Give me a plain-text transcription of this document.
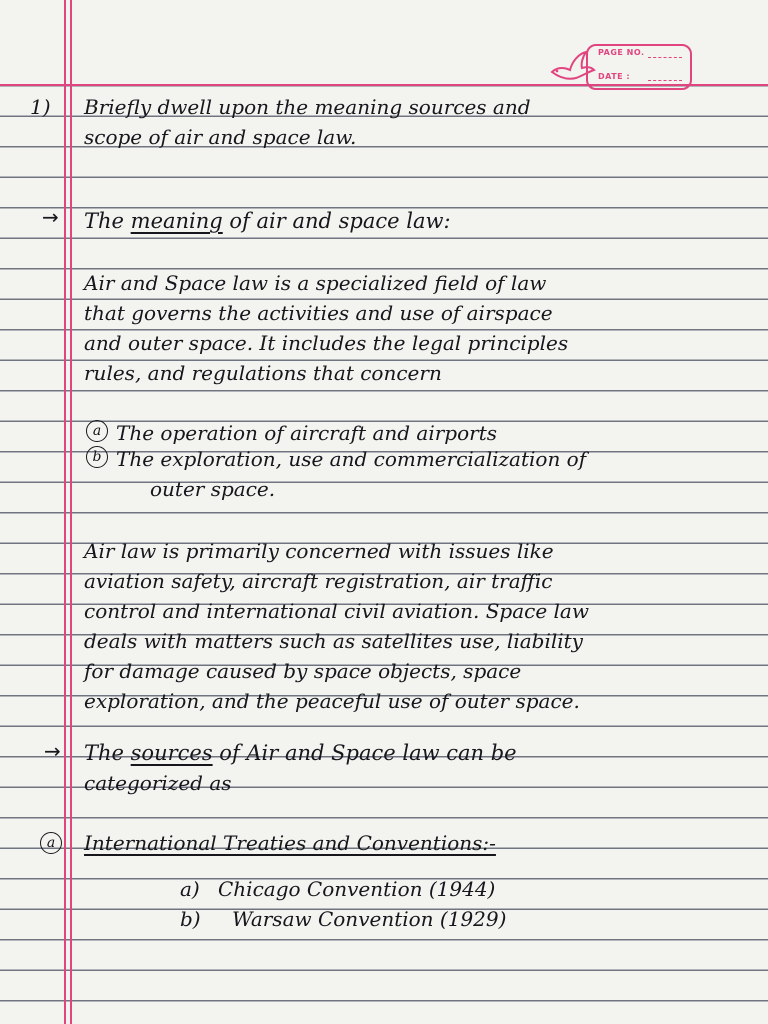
PAGE NO.
DATE :
1) Briefly dwell upon the meaning sources and

scope of air and space law.

→ The meaning of air and space law:

Air and Space law is a specialized field of law

that governs the activities and use of airspace

and outer space. It includes the legal principles

rules, and regulations that concern

a The operation of aircraft and airports

b The exploration, use and commercialization of

outer space.

Air law is primarily concerned with issues like

aviation safety, aircraft registration, air traffic

control and international civil aviation. Space law

deals with matters such as satellites use, liability

for damage caused by space objects, space

exploration, and the peaceful use of outer space.

→ The sources of Air and Space law can be

categorized as

a	International Treaties and Conventions:-

a) Chicago Convention (1944)
b) Warsaw Convention (1929)
